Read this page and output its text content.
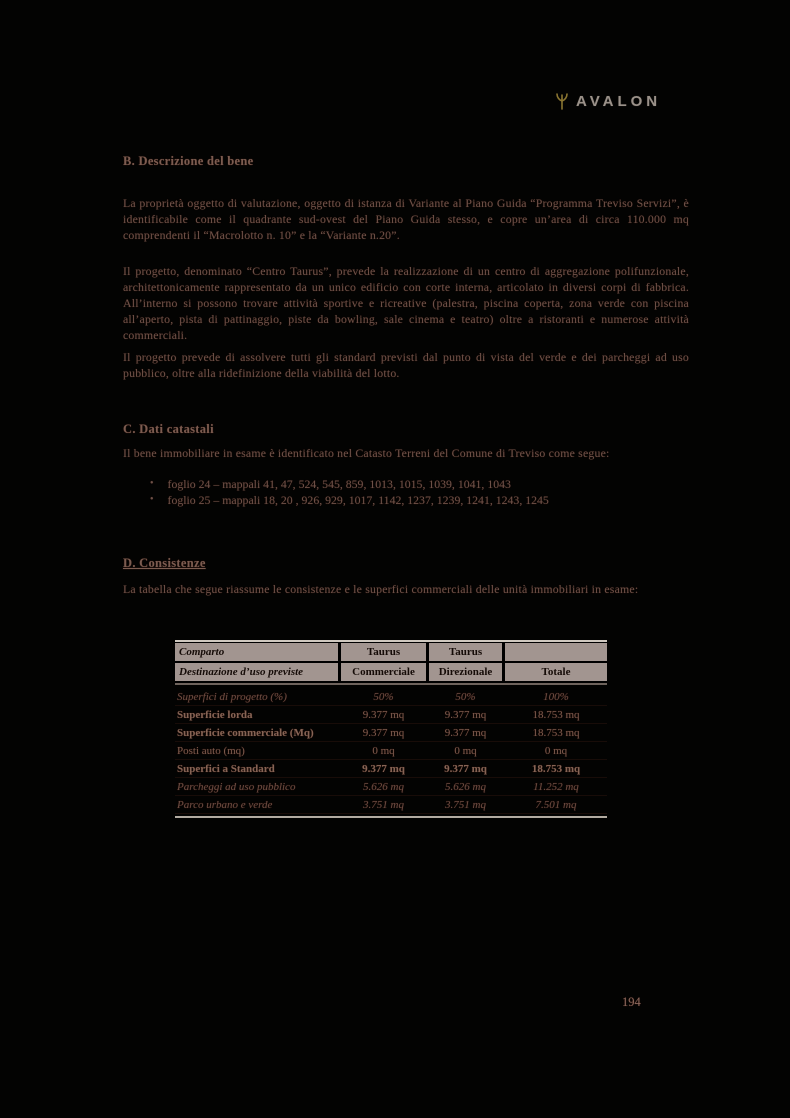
AVALON
B. Descrizione del bene
La proprietà oggetto di valutazione, oggetto di istanza di Variante al Piano Guida “Programma Treviso Servizi”, è identificabile come il quadrante sud-ovest del Piano Guida stesso, e copre un’area di circa 110.000 mq comprendenti il “Macrolotto n. 10” e la “Variante n.20”.
Il progetto, denominato “Centro Taurus”, prevede la realizzazione di un centro di aggregazione polifunzionale, architettonicamente rappresentato da un unico edificio con corte interna, articolato in diversi corpi di fabbrica. All’interno si possono trovare attività sportive e ricreative (palestra, piscina coperta, zona verde con piscina all’aperto, pista di pattinaggio, piste da bowling, sale cinema e teatro) oltre a ristoranti e numerose attività commerciali.
Il progetto prevede di assolvere tutti gli standard previsti dal punto di vista del verde e dei parcheggi ad uso pubblico, oltre alla ridefinizione della viabilità del lotto.
C. Dati catastali
Il bene immobiliare in esame è identificato nel Catasto Terreni del Comune di Treviso come segue:
• foglio 24 – mappali 41, 47, 524, 545, 859, 1013, 1015, 1039, 1041, 1043
• foglio 25 – mappali 18, 20 , 926, 929, 1017, 1142, 1237, 1239, 1241, 1243, 1245
D. Consistenze
La tabella che segue riassume le consistenze e le superfici commerciali delle unità immobiliari in esame:
Comparto	Taurus	Taurus
Destinazione d’uso previste	Commerciale	Direzionale	Totale
Superfici di progetto (%)	50%	50%	100%
Superficie lorda	9.377 mq	9.377 mq	18.753 mq
Superficie commerciale (Mq)	9.377 mq	9.377 mq	18.753 mq
Posti auto (mq)	0 mq	0 mq	0 mq
Superfici a Standard	9.377 mq	9.377 mq	18.753 mq
Parcheggi ad uso pubblico	5.626 mq	5.626 mq	11.252 mq
Parco urbano e verde	3.751 mq	3.751 mq	7.501 mq
194
